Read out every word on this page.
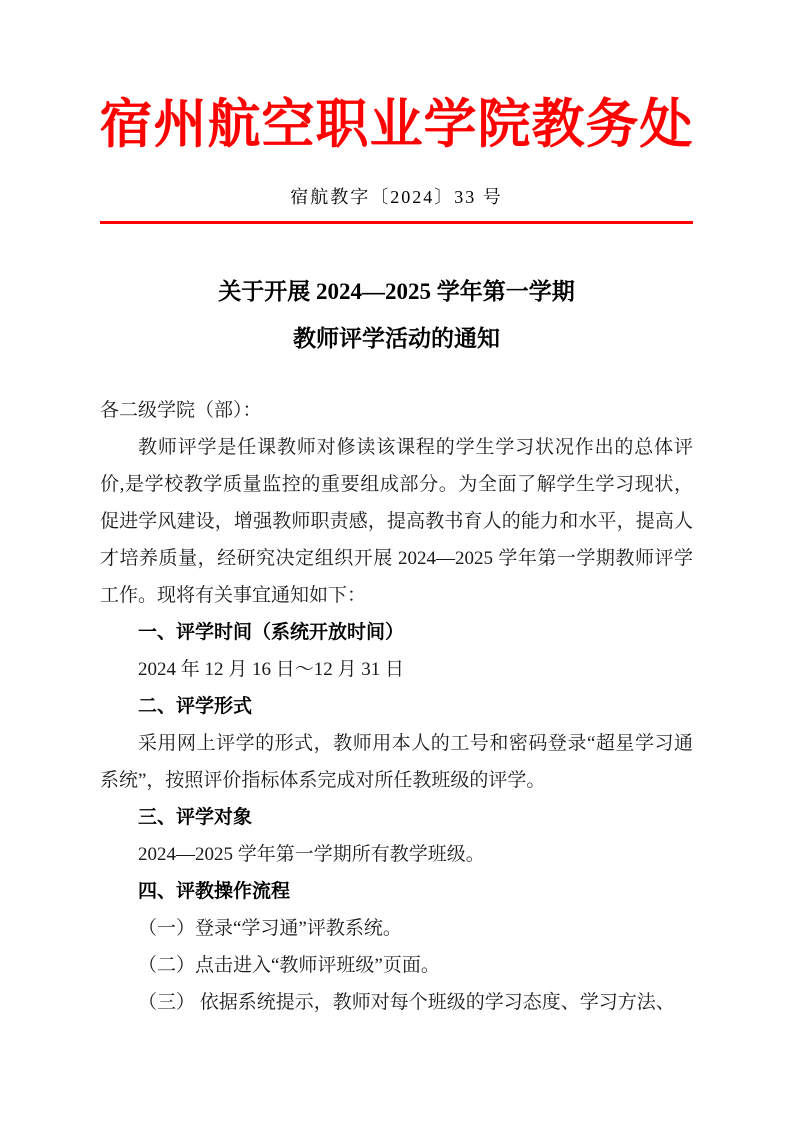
宿州航空职业学院教务处
宿航教字〔2024〕33 号
关于开展 2024—2025 学年第一学期
教师评学活动的通知

各二级学院（部）：

教师评学是任课教师对修读该课程的学生学习状况作出的总体评价,是学校教学质量监控的重要组成部分。为全面了解学生学习现状，促进学风建设，增强教师职责感，提高教书育人的能力和水平，提高人才培养质量，经研究决定组织开展 2024—2025 学年第一学期教师评学工作。现将有关事宜通知如下：

一、评学时间（系统开放时间）

2024 年 12 月 16 日～12 月 31 日

二、评学形式

采用网上评学的形式，教师用本人的工号和密码登录“超星学习通系统”，按照评价指标体系完成对所任教班级的评学。

三、评学对象

2024—2025 学年第一学期所有教学班级。

四、评教操作流程

（一）登录“学习通”评教系统。

（二）点击进入“教师评班级”页面。

（三） 依据系统提示，教师对每个班级的学习态度、学习方法、
